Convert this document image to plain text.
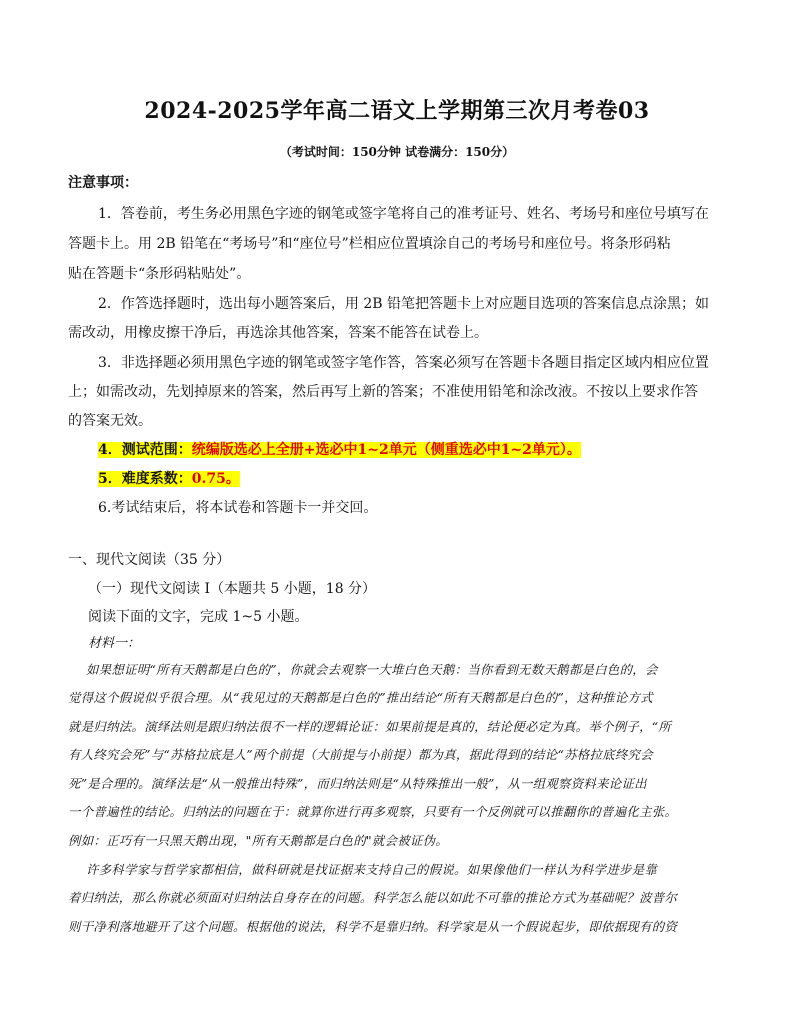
2024-2025学年高二语文上学期第三次月考卷03
（考试时间：150分钟 试卷满分：150分）
注意事项：
1．答卷前，考生务必用黑色字迹的钢笔或签字笔将自己的准考证号、姓名、考场号和座位号填写在
答题卡上。用 2B 铅笔在“考场号”和“座位号”栏相应位置填涂自己的考场号和座位号。将条形码粘
贴在答题卡“条形码粘贴处”。
2．作答选择题时，选出每小题答案后，用 2B 铅笔把答题卡上对应题目选项的答案信息点涂黑；如
需改动，用橡皮擦干净后，再选涂其他答案，答案不能答在试卷上。
3．非选择题必须用黑色字迹的钢笔或签字笔作答，答案必须写在答题卡各题目指定区域内相应位置
上；如需改动，先划掉原来的答案，然后再写上新的答案；不准使用铅笔和涂改液。不按以上要求作答
的答案无效。
4．测试范围：统编版选必上全册+选必中1~2单元（侧重选必中1~2单元）。
5．难度系数：0.75。
6.考试结束后，将本试卷和答题卡一并交回。
一、现代文阅读（35 分）
（一）现代文阅读 I（本题共 5 小题，18 分）
阅读下面的文字，完成 1~5 小题。
材料一：
如果想证明“所有天鹅都是白色的”，你就会去观察一大堆白色天鹅：当你看到无数天鹅都是白色的，会
觉得这个假说似乎很合理。从“我见过的天鹅都是白色的”推出结论“所有天鹅都是白色的”，这种推论方式
就是归纳法。演绎法则是跟归纳法很不一样的逻辑论证：如果前提是真的，结论便必定为真。举个例子，“所
有人终究会死”与“苏格拉底是人”两个前提（大前提与小前提）都为真，据此得到的结论“苏格拉底终究会
死”是合理的。演绎法是“从一般推出特殊”，而归纳法则是“从特殊推出一般”，从一组观察资料来论证出
一个普遍性的结论。归纳法的问题在于：就算你进行再多观察，只要有一个反例就可以推翻你的普遍化主张。
例如：正巧有一只黑天鹅出现，"所有天鹅都是白色的"就会被证伪。
许多科学家与哲学家都相信，做科研就是找证据来支持自己的假说。如果像他们一样认为科学进步是靠
着归纳法，那么你就必须面对归纳法自身存在的问题。科学怎么能以如此不可靠的推论方式为基础呢？波普尔
则干净利落地避开了这个问题。根据他的说法，科学不是靠归纳。科学家是从一个假说起步，即依据现有的资
